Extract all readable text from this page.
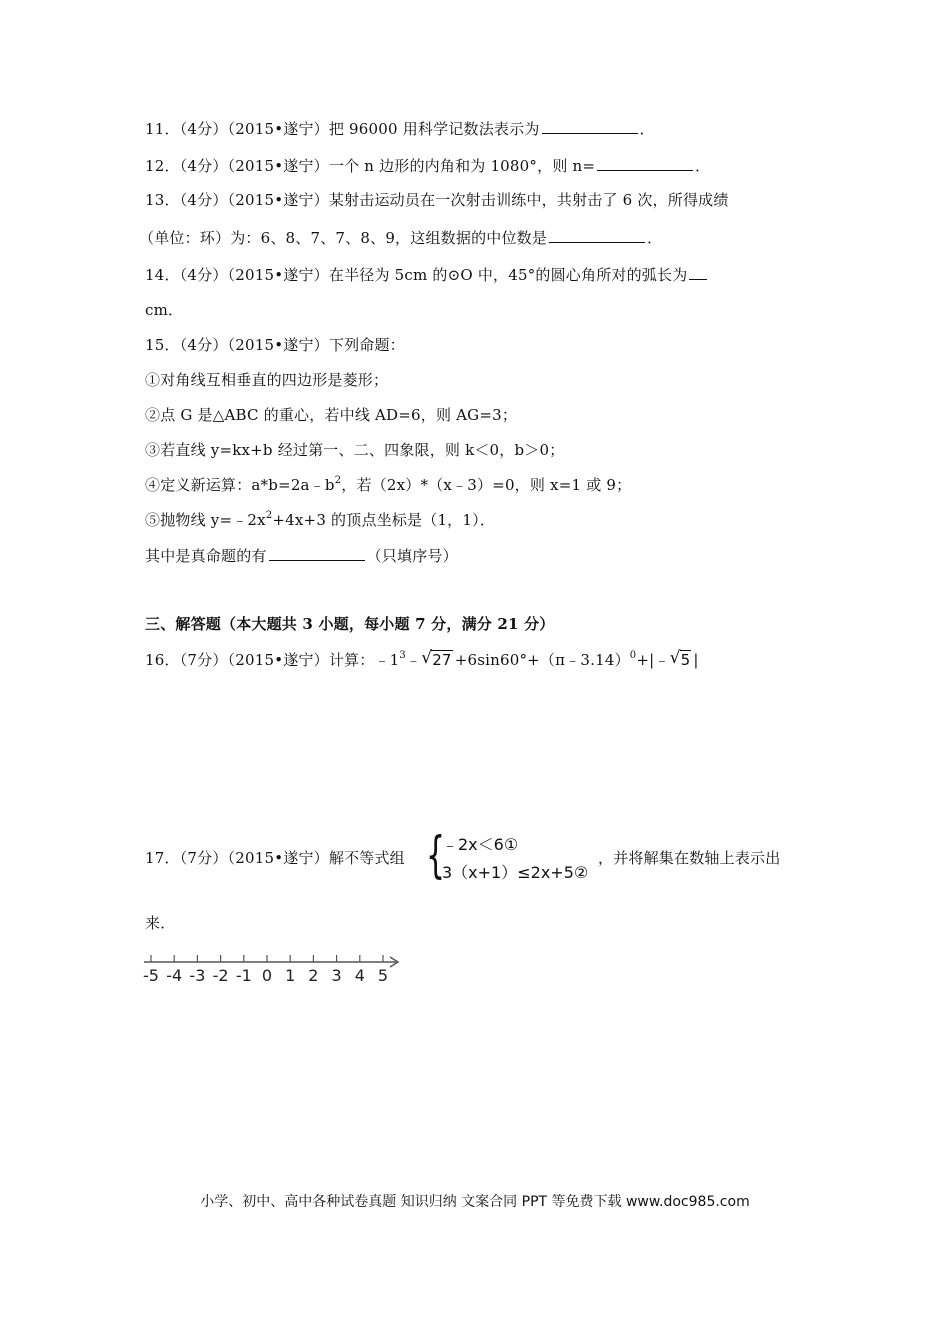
11．（4分）（2015•遂宁）把 96000 用科学记数法表示为	．
12．（4分）（2015•遂宁）一个 n 边形的内角和为 1080°，则 n=	．
13．（4分）（2015•遂宁）某射击运动员在一次射击训练中，共射击了 6 次，所得成绩
（单位：环）为：6、8、7、7、8、9，这组数据的中位数是	．
14．（4分）（2015•遂宁）在半径为 5cm 的⊙O 中，45°的圆心角所对的弧长为
cm．
15．（4分）（2015•遂宁）下列命题：
①对角线互相垂直的四边形是菱形；
②点 G 是△ABC 的重心，若中线 AD=6，则 AG=3；
③若直线 y=kx+b 经过第一、二、四象限，则 k＜0，b＞0；
④定义新运算：$a*b=2a﹣b^2$，若（2x）*（x﹣3）=0，则 x=1 或 9；
⑤抛物线 $y=﹣2x^2+4x+3$ 的顶点坐标是（1，1）．
其中是真命题的有	（只填序号）
三、解答题（本大题共 3 小题，每小题 7 分，满分 21 分）
16．（7分）（2015•遂宁）计算：$﹣1^3﹣$ √ 27 +6sin60°+（π﹣3.14）$^0$+|﹣ √ 5 |
17．（7分）（2015•遂宁）解不等式组 {
﹣2x＜6①
3（x+1）≤2x+5②
，并将解集在数轴上表示出
来．
-5 -4 -3 -2 -1 0 1 2 3 4 5
小学、初中、高中各种试卷真题 知识归纳 文案合同 PPT 等免费下载 www.doc985.com
